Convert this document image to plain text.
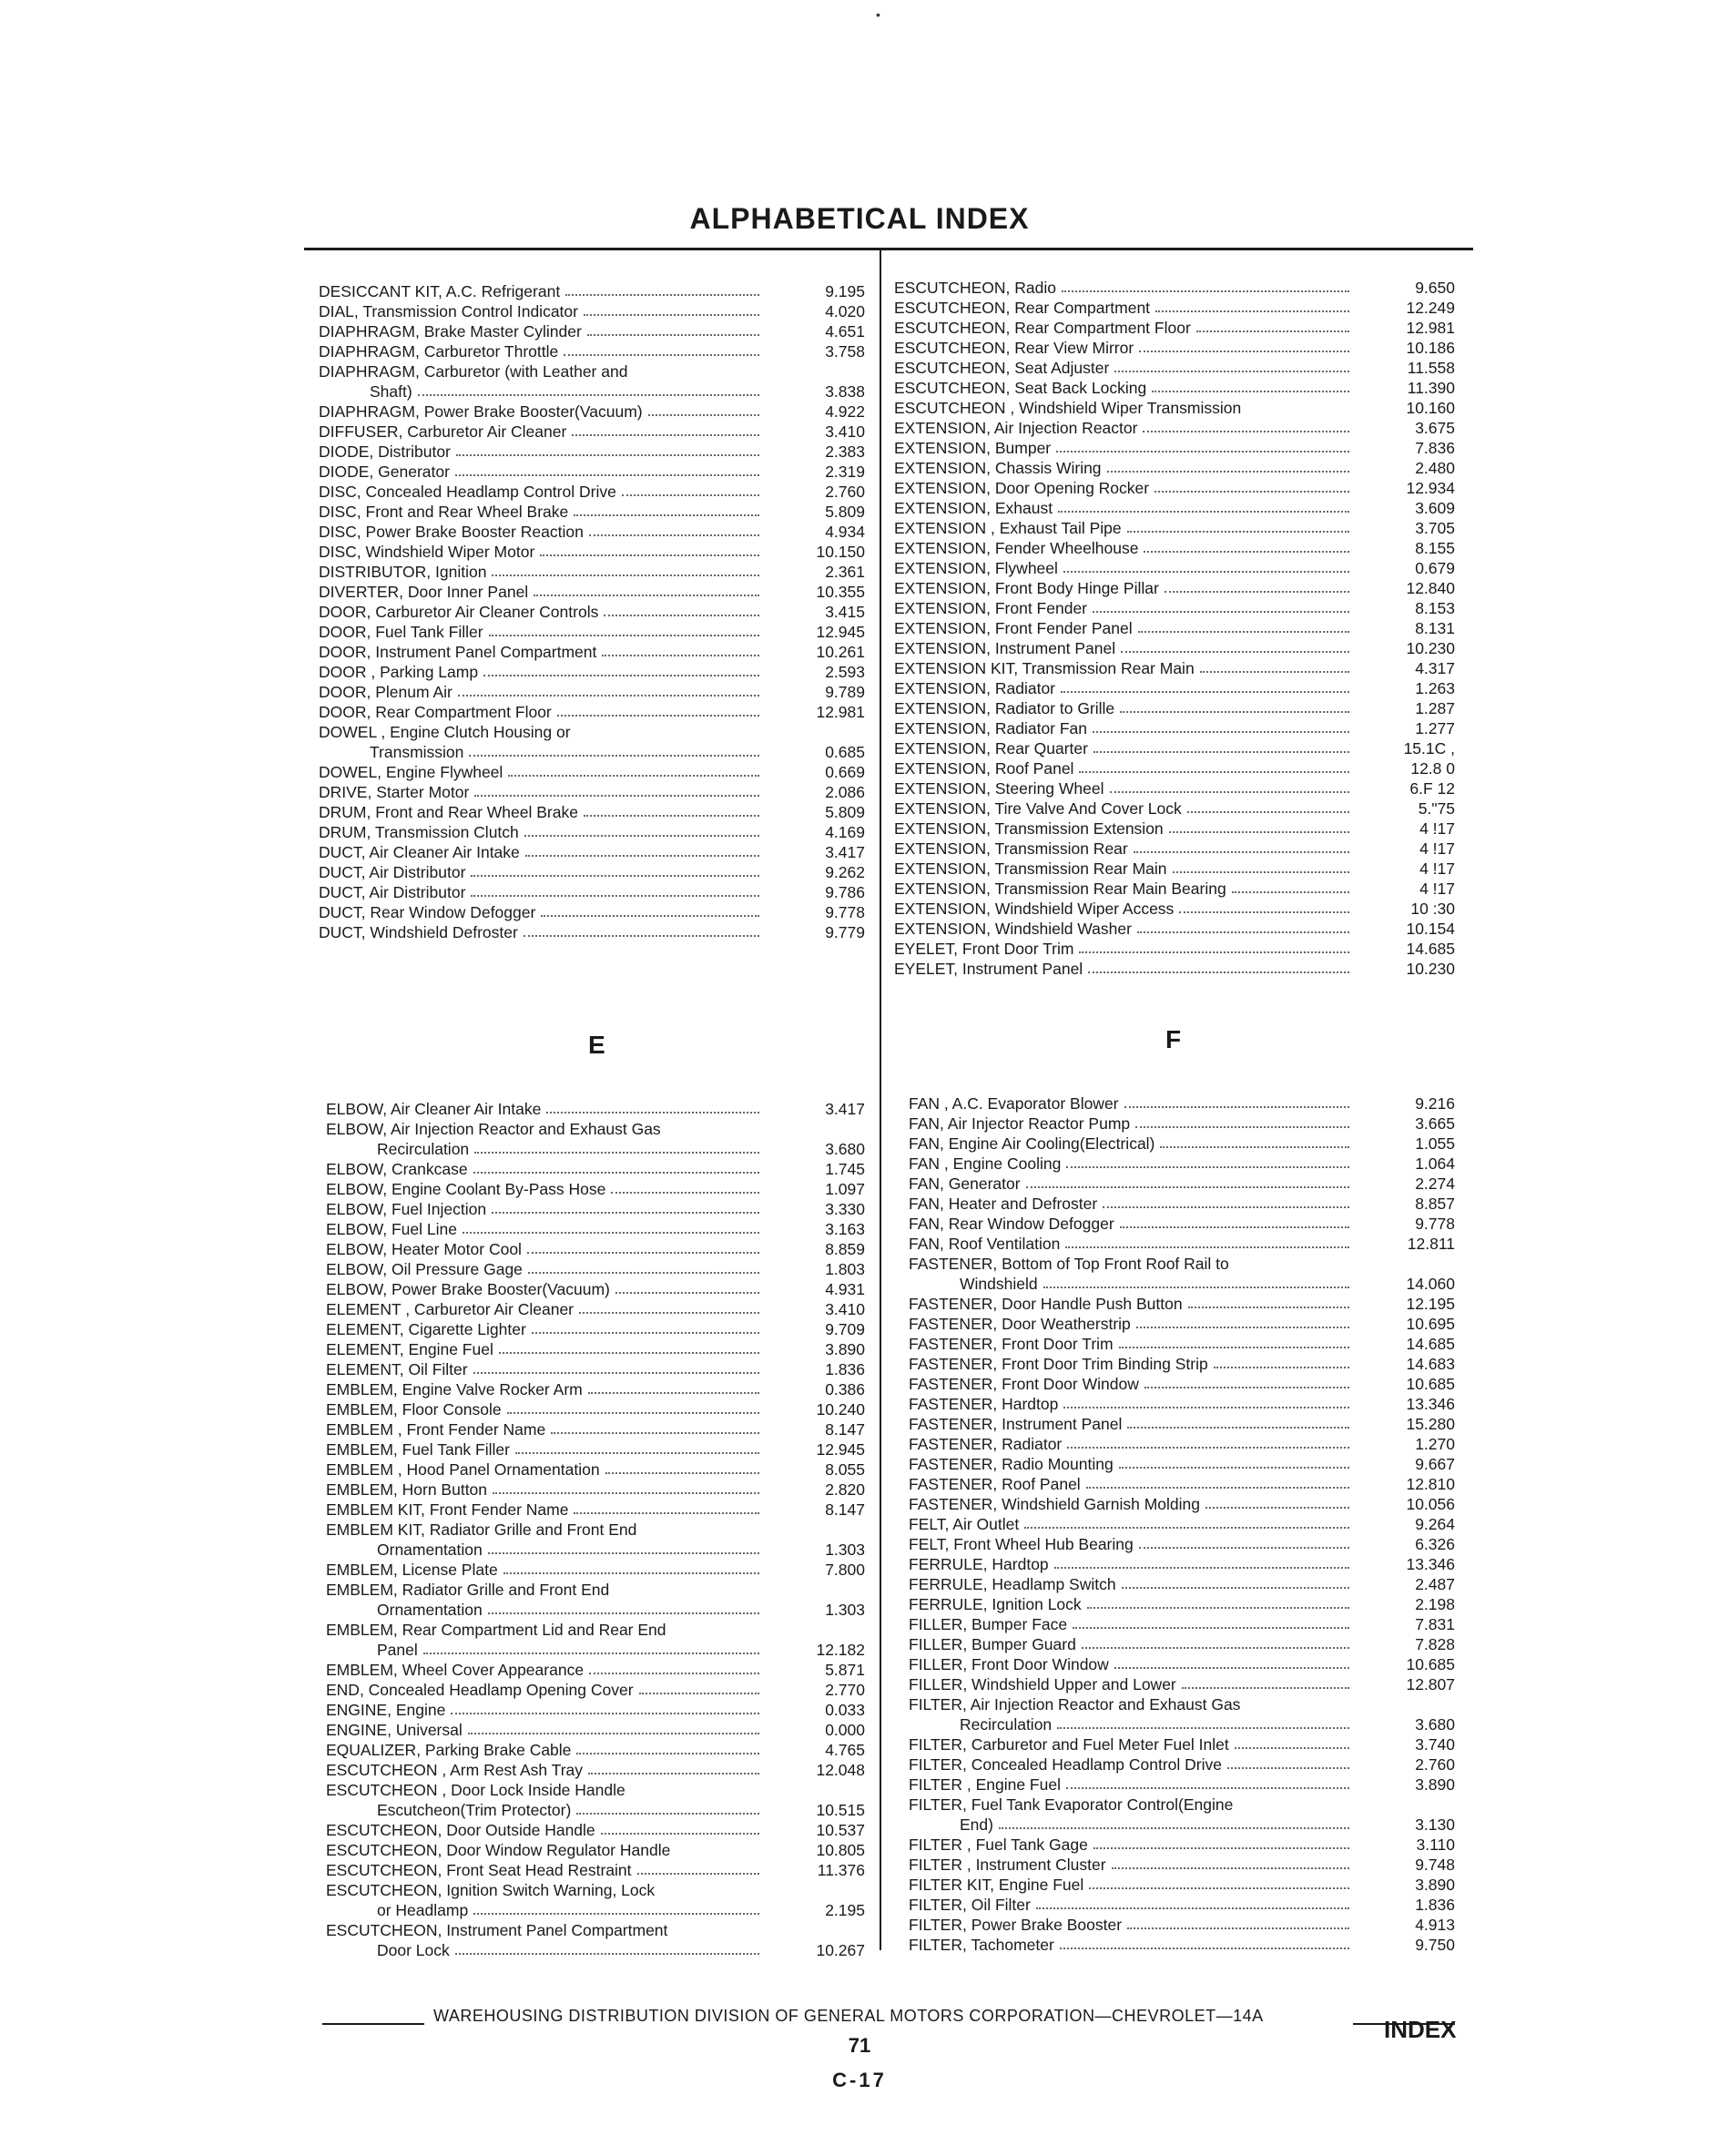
•
ALPHABETICAL INDEX
DESICCANT KIT, A.C. Refrigerant	9.195
DIAL, Transmission Control Indicator	4.020
DIAPHRAGM, Brake Master Cylinder	4.651
DIAPHRAGM, Carburetor Throttle	3.758
DIAPHRAGM, Carburetor (with Leather and
Shaft)	3.838
DIAPHRAGM, Power Brake Booster(Vacuum)	4.922
DIFFUSER, Carburetor Air Cleaner	3.410
DIODE, Distributor	2.383
DIODE, Generator	2.319
DISC, Concealed Headlamp Control Drive	2.760
DISC, Front and Rear Wheel Brake	5.809
DISC, Power Brake Booster Reaction	4.934
DISC, Windshield Wiper Motor	10.150
DISTRIBUTOR, Ignition	2.361
DIVERTER, Door Inner Panel	10.355
DOOR, Carburetor Air Cleaner Controls	3.415
DOOR, Fuel Tank Filler	12.945
DOOR, Instrument Panel Compartment	10.261
DOOR , Parking Lamp	2.593
DOOR, Plenum Air	9.789
DOOR, Rear Compartment Floor	12.981
DOWEL , Engine Clutch Housing or
Transmission	0.685
DOWEL, Engine Flywheel	0.669
DRIVE, Starter Motor	2.086
DRUM, Front and Rear Wheel Brake	5.809
DRUM, Transmission Clutch	4.169
DUCT, Air Cleaner Air Intake	3.417
DUCT, Air Distributor	9.262
DUCT, Air Distributor	9.786
DUCT, Rear Window Defogger	9.778
DUCT, Windshield Defroster	9.779
ESCUTCHEON, Radio	9.650
ESCUTCHEON, Rear Compartment	12.249
ESCUTCHEON, Rear Compartment Floor	12.981
ESCUTCHEON, Rear View Mirror	10.186
ESCUTCHEON, Seat Adjuster	11.558
ESCUTCHEON, Seat Back Locking	11.390
ESCUTCHEON , Windshield Wiper Transmission	10.160
EXTENSION, Air Injection Reactor	3.675
EXTENSION, Bumper	7.836
EXTENSION, Chassis Wiring	2.480
EXTENSION, Door Opening Rocker	12.934
EXTENSION, Exhaust	3.609
EXTENSION , Exhaust Tail Pipe	3.705
EXTENSION, Fender Wheelhouse	8.155
EXTENSION, Flywheel	0.679
EXTENSION, Front Body Hinge Pillar	12.840
EXTENSION, Front Fender	8.153
EXTENSION, Front Fender Panel	8.131
EXTENSION, Instrument Panel	10.230
EXTENSION KIT, Transmission Rear Main	4.317
EXTENSION, Radiator	1.263
EXTENSION, Radiator to Grille	1.287
EXTENSION, Radiator Fan	1.277
EXTENSION, Rear Quarter	15.1C ,
EXTENSION, Roof Panel	12.8 0
EXTENSION, Steering Wheel	6.F 12
EXTENSION, Tire Valve And Cover Lock	5."75
EXTENSION, Transmission Extension	4 !17
EXTENSION, Transmission Rear	4 !17
EXTENSION, Transmission Rear Main	4 !17
EXTENSION, Transmission Rear Main Bearing	4 !17
EXTENSION, Windshield Wiper Access	10 :30
EXTENSION, Windshield Washer	10.154
EYELET, Front Door Trim	14.685
EYELET, Instrument Panel	10.230
E	F
ELBOW, Air Cleaner Air Intake	3.417
ELBOW, Air Injection Reactor and Exhaust Gas
Recirculation	3.680
ELBOW, Crankcase	1.745
ELBOW, Engine Coolant By-Pass Hose	1.097
ELBOW, Fuel Injection	3.330
ELBOW, Fuel Line	3.163
ELBOW, Heater Motor Cool	8.859
ELBOW, Oil Pressure Gage	1.803
ELBOW, Power Brake Booster(Vacuum)	4.931
ELEMENT , Carburetor Air Cleaner	3.410
ELEMENT, Cigarette Lighter	9.709
ELEMENT, Engine Fuel	3.890
ELEMENT, Oil Filter	1.836
EMBLEM, Engine Valve Rocker Arm	0.386
EMBLEM, Floor Console	10.240
EMBLEM , Front Fender Name	8.147
EMBLEM, Fuel Tank Filler	12.945
EMBLEM , Hood Panel Ornamentation	8.055
EMBLEM, Horn Button	2.820
EMBLEM KIT, Front Fender Name	8.147
EMBLEM KIT, Radiator Grille and Front End
Ornamentation	1.303
EMBLEM, License Plate	7.800
EMBLEM, Radiator Grille and Front End
Ornamentation	1.303
EMBLEM, Rear Compartment Lid and Rear End
Panel	12.182
EMBLEM, Wheel Cover Appearance	5.871
END, Concealed Headlamp Opening Cover	2.770
ENGINE, Engine	0.033
ENGINE, Universal	0.000
EQUALIZER, Parking Brake Cable	4.765
ESCUTCHEON , Arm Rest Ash Tray	12.048
ESCUTCHEON , Door Lock Inside Handle
Escutcheon(Trim Protector)	10.515
ESCUTCHEON, Door Outside Handle	10.537
ESCUTCHEON, Door Window Regulator Handle	10.805
ESCUTCHEON, Front Seat Head Restraint	11.376
ESCUTCHEON, Ignition Switch Warning, Lock
or Headlamp	2.195
ESCUTCHEON, Instrument Panel Compartment
Door Lock	10.267
FAN , A.C. Evaporator Blower	9.216
FAN, Air Injector Reactor Pump	3.665
FAN, Engine Air Cooling(Electrical)	1.055
FAN , Engine Cooling	1.064
FAN, Generator	2.274
FAN, Heater and Defroster	8.857
FAN, Rear Window Defogger	9.778
FAN, Roof Ventilation	12.811
FASTENER, Bottom of Top Front Roof Rail to
Windshield	14.060
FASTENER, Door Handle Push Button	12.195
FASTENER, Door Weatherstrip	10.695
FASTENER, Front Door Trim	14.685
FASTENER, Front Door Trim Binding Strip	14.683
FASTENER, Front Door Window	10.685
FASTENER, Hardtop	13.346
FASTENER, Instrument Panel	15.280
FASTENER, Radiator	1.270
FASTENER, Radio Mounting	9.667
FASTENER, Roof Panel	12.810
FASTENER, Windshield Garnish Molding	10.056
FELT, Air Outlet	9.264
FELT, Front Wheel Hub Bearing	6.326
FERRULE, Hardtop	13.346
FERRULE, Headlamp Switch	2.487
FERRULE, Ignition Lock	2.198
FILLER, Bumper Face	7.831
FILLER, Bumper Guard	7.828
FILLER, Front Door Window	10.685
FILLER, Windshield Upper and Lower	12.807
FILTER, Air Injection Reactor and Exhaust Gas
Recirculation	3.680
FILTER, Carburetor and Fuel Meter Fuel Inlet	3.740
FILTER, Concealed Headlamp Control Drive	2.760
FILTER , Engine Fuel	3.890
FILTER, Fuel Tank Evaporator Control(Engine
End)	3.130
FILTER , Fuel Tank Gage	3.110
FILTER , Instrument Cluster	9.748
FILTER KIT, Engine Fuel	3.890
FILTER, Oil Filter	1.836
FILTER, Power Brake Booster	4.913
FILTER, Tachometer	9.750
WAREHOUSING DISTRIBUTION DIVISION OF GENERAL MOTORS CORPORATION—CHEVROLET—14A	INDEX
71
C-17
